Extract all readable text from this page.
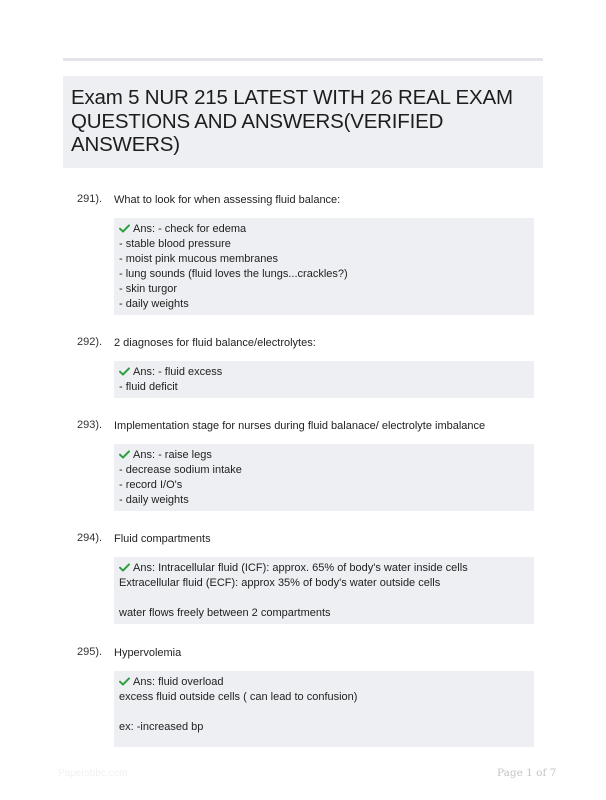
Exam 5 NUR 215 LATEST WITH 26 REAL EXAM
QUESTIONS AND ANSWERS(VERIFIED
ANSWERS)
291). What to look for when assessing fluid balance:
Ans: - check for edema
- stable blood pressure
- moist pink mucous membranes
- lung sounds (fluid loves the lungs...crackles?)
- skin turgor
- daily weights
292). 2 diagnoses for fluid balance/electrolytes:
Ans: - fluid excess
- fluid deficit
293). Implementation stage for nurses during fluid balanace/ electrolyte imbalance
Ans: - raise legs
- decrease sodium intake
- record I/O's
- daily weights
294). Fluid compartments
Ans: Intracellular fluid (ICF): approx. 65% of body's water inside cells
Extracellular fluid (ECF): approx 35% of body's water outside cells
water flows freely between 2 compartments
295). Hypervolemia
Ans: fluid overload
excess fluid outside cells ( can lead to confusion)
ex: -increased bp
Papersbbc.com	Page 1 of 7
